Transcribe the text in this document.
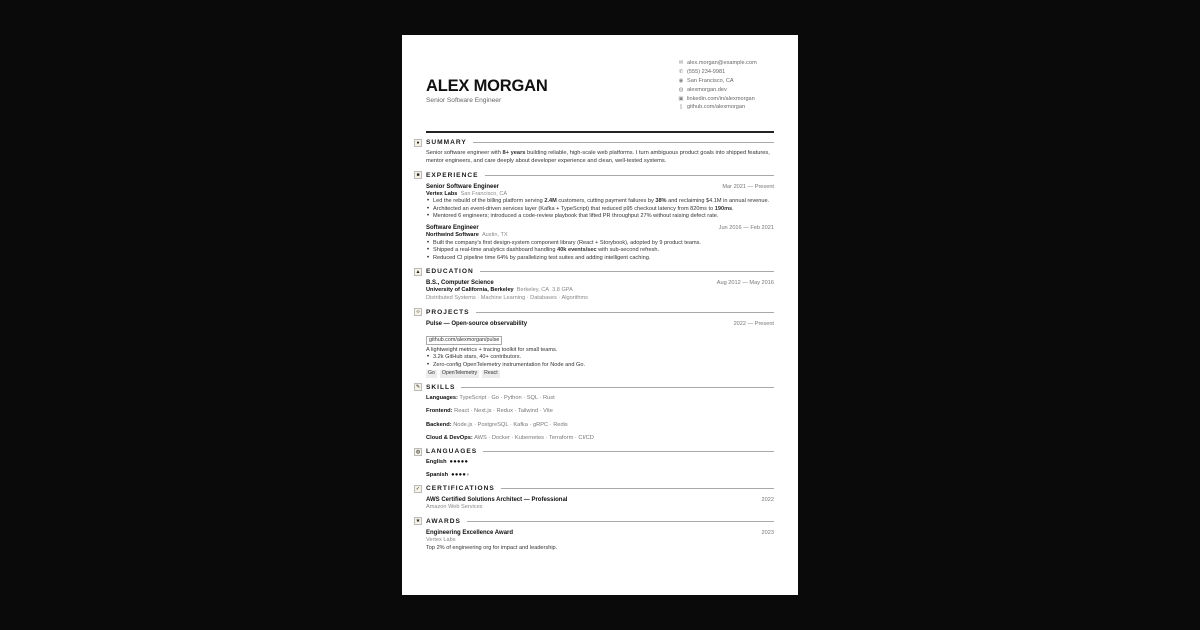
ALEX MORGAN
Senior Software Engineer
✉ alex.morgan@example.com
✆ (555) 234-9981
◉ San Francisco, CA
◍ alexmorgan.dev
▣ linkedin.com/in/alexmorgan
▯ github.com/alexmorgan
● SUMMARY

Senior software engineer with 8+ years building reliable, high-scale web platforms. I turn ambiguous product goals into shipped features, mentor engineers, and care deeply about developer experience and clean, well-tested systems.

■ EXPERIENCE
Senior Software Engineer	Mar 2021 — Present
Vertex Labs San Francisco, CA
• Led the rebuild of the billing platform serving 2.4M customers, cutting payment failures by 38% and reclaiming $4.1M in annual revenue.
• Architected an event-driven services layer (Kafka + TypeScript) that reduced p95 checkout latency from 820ms to 190ms.
• Mentored 6 engineers; introduced a code-review playbook that lifted PR throughput 27% without raising defect rate.
Software Engineer	Jun 2016 — Feb 2021
Northwind Software Austin, TX
• Built the company's first design-system component library (React + Storybook), adopted by 9 product teams.
• Shipped a real-time analytics dashboard handling 40k events/sec with sub-second refresh.
• Reduced CI pipeline time 64% by parallelizing test suites and adding intelligent caching.
▲ EDUCATION
B.S., Computer Science	Aug 2012 — May 2016
University of California, Berkeley Berkeley, CA 3.8 GPA
Distributed Systems · Machine Learning · Databases · Algorithms
‹› PROJECTS
Pulse — Open-source observability	2022 — Present
github.com/alexmorgan/pulse
A lightweight metrics + tracing toolkit for small teams.
• 3.2k GitHub stars, 40+ contributors.
• Zero-config OpenTelemetry instrumentation for Node and Go.
Go	OpenTelemetry	React
✎ SKILLS
Languages: TypeScript · Go · Python · SQL · Rust
Frontend: React · Next.js · Redux · Tailwind · Vite
Backend: Node.js · PostgreSQL · Kafka · gRPC · Redis
Cloud & DevOps: AWS · Docker · Kubernetes · Terraform · CI/CD
◍ LANGUAGES
English ●●●●●
Spanish ●●●●●
✓ CERTIFICATIONS
AWS Certified Solutions Architect — Professional	2022
Amazon Web Services
★ AWARDS
Engineering Excellence Award	2023
Vertex Labs
Top 2% of engineering org for impact and leadership.
